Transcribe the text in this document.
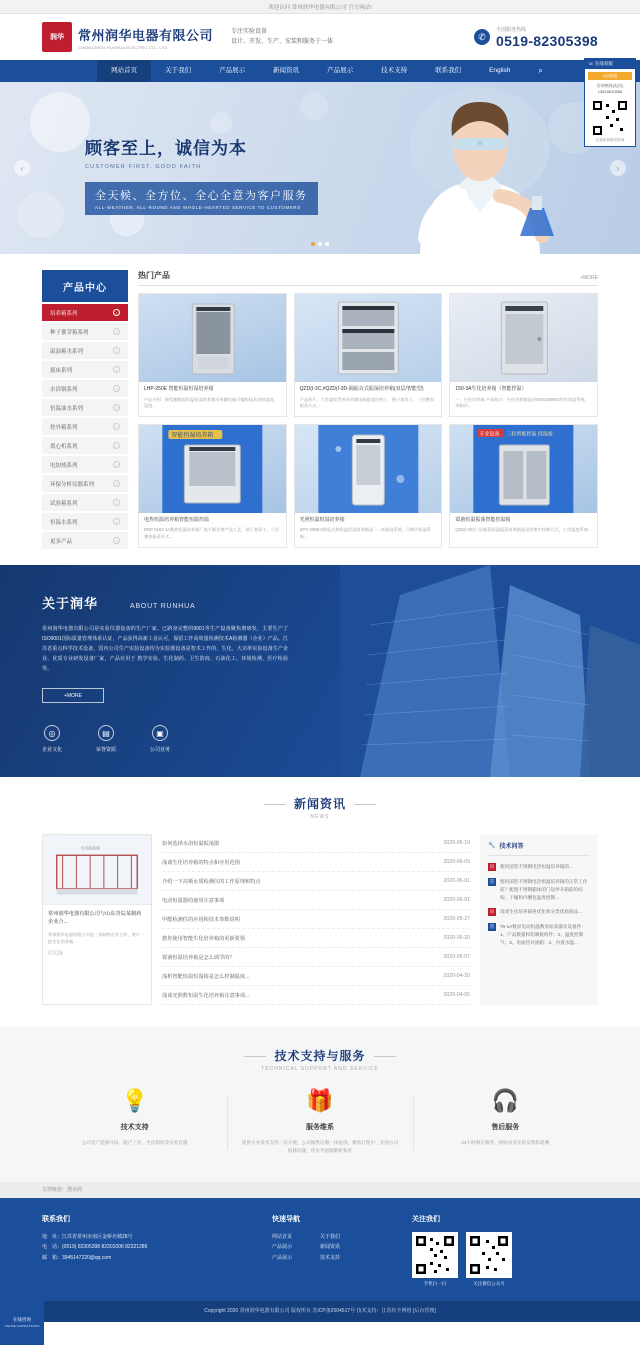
欢迎访问 常州润华电器有限公司 官方网站!
润华	常州润华电器有限公司
CHANGZHOU RUNHUA ELECTRIC CO., LTD
专注实验设备
设计、开发、生产、安装和服务于一体
✆
全国服务热线
0519-82305398
网站首页	关于我们	产品展示	新闻资讯	产品展示	技术支持	联系我们	English	⌕
顾客至上，诚信为本
CUSTOMER FIRST, GOOD FAITH
全天候、全方位、全心全意为客户服务
ALL-WEATHER, ALL-ROUND AND WHOLE-HEARTED SERVICE TO CUSTOMERS
‹	›
产品中心
培养箱系列	›
种子催芽箱系列	›
温湿箱水系列	›
摇床系列	›
水浴锅系列	›
恒温油水系列	›
控外箱系列	›
离心机系列	›
电加热系列	›
环保分析仪器系列	›
试验箱系列	›
恒温水系列	›
更多产品	›
热门产品	+MORE
LHP-250E 智能恒温恒湿培养箱
产品介绍：新型触摸屏恒温恒湿培养箱采用微电脑可编程技术控制温度、湿度...
QZD(I-3C,#QZD(I-3D-隔振台式振荡培养箱(双层/智能型)
产品图片、工作温度系统采用微电脑温度控制工、便于查异工、三层叠加振荡方式...
150-3A生化培养箱（智能控温）
一、生化培养箱 产品简介：生化培养箱是由XK04208W3列有加湿系统、带制冷...
智能恒湿培养箱
电热恒温培养箱智能恒温控温
DNP-9162-1A数热恒温培养箱厂家不断完善产品工艺，便于查异工、三层叠加振荡方式...
光照恒温恒湿培养箱
SPX-300B-0智能光照恒温恒湿培养箱是一...有加湿系统、可制冷恒温系统...
专业设备 三轮智能控温 找湿需
霉菌恒温振荡智能控温箱
QZD(I-3D)三层振荡恒温振荡培养箱是采用集中控制方式，工作温度系统...
关于润华	ABOUT RUNHUA

常州润华电器有限公司是实验仪器设备的生产厂家。已跻身完整的9001等生产设备聚焦增研发，主要生产了ISO9001国际质量管理体系认证，产品获得高新工业认可，保留工作高效量检测技术A检测器（企业）产品。江苏省重点科学技术设备，国内公司生产实验设备均为实验器设备是智术工作的，生化、大功率实验设备生产企业、优质专业研发设备厂家，产品应用于 教学实验、生化制药、卫生防疫、石油化工、环境检测、医疗检验等。

+MORE
◎
企业文化
▤
荣誉资质
▣
公司业务
新闻资讯
NEWS
水浴振荡器
常州润华电器有限公司与山东青岛某制药企业合...
常州润华电器有限公司是一家制药企业合作，签订一批生化培养箱...
07/26
如何选择水浴恒温振荡器	2020-06-10
浅谈生化培养箱的特点和应用范围	2020-06-09
介绍一下高频水质检测仪的工作原理和特点	2020-06-01
电动恒温器的使用注意事项	2020-06-01
甲醛检测仪的应用和技术参数说明	2020-05-27
教你使用智能生化培养箱的更新要领	2020-05-20
霉菌恒温培养箱是怎么调节的？	2020-05-07
浅析智能恒温恒湿箱是怎么控制温度...	2020-04-20
浅谈光照数恒温生化培养箱注意事项...	2020-04-05
🔧 技术问答
问	使用前您不锈钢电热恒温培养箱的...
答	使用前您不锈钢电热恒温培养箱的正常工作前？配置不锈钢箱体的门设停开箱前的结构、干燥和内侧包温度控制...
问	浅谈生化培养箱各优化和分类优质商品...
答	76-1A数显电动恒温数显振荡器及设备件：1、产品数量和铝制板构件；2、温度控制气；3、电加热对流箱；4、内置水温...
技术支持与服务
TECHNICAL SUPPORT AND SERVICE
💡
技术支持
公司是产能源开研、服产工业、生化制药等实验仪器
🎁
服务维系
提供专业技术支持一次方便、公司做售后服一体提供。聚焦过程中、先到公司报修问题，优先考虑服解析和进
🎧
售后服务
24小时响应服务，接收回真实的反馈和追溯
友情链接：搜企网
联系我们
地　址：江苏省常州市南区金桥名城28号
电　话：(0519) 82305398 82301006 82321286
邮　箱：3945147220@qq.com
快速导航
网站首页
产品展示
产品展示
关于我们
新闻资讯
技术支持
关注我们
手机扫一扫	关注微信公众号
Copyright 2020 常州润华电器有限公司 版权所有 苏ICP备2004517号 技术支持：江苏钰丰网络 [后台管理]
☏ 在线客服
QQ客服
咨询热线(电话)
13815810588
扫我添加微信咨询
在线咨询
ONLINE CONSULTATION
